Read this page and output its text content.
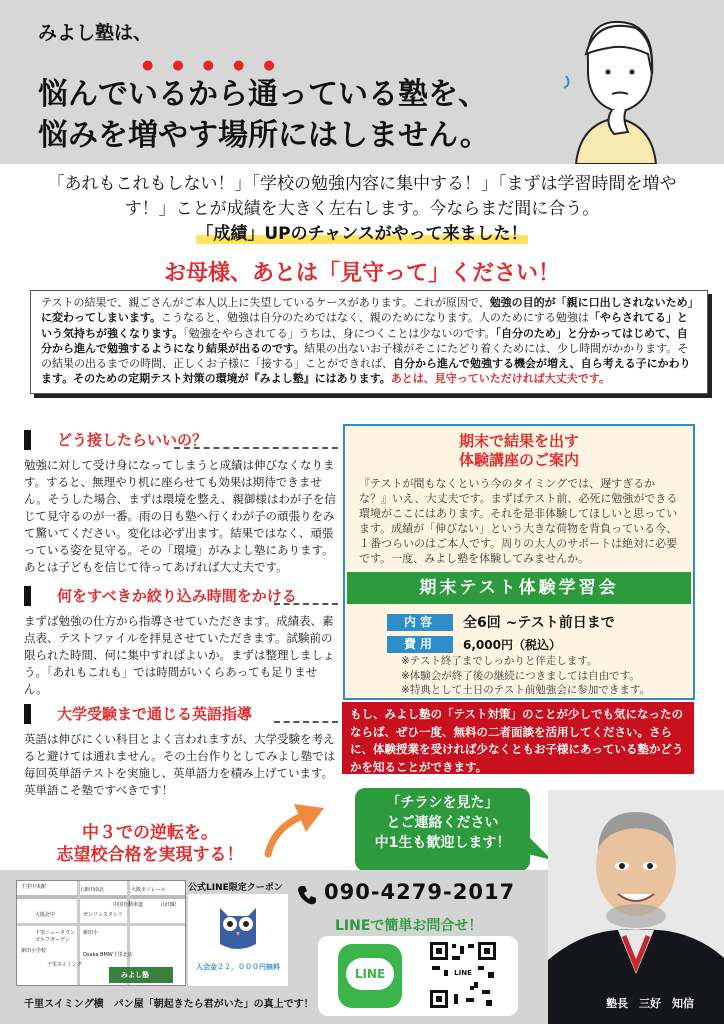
みよし塾は、
●●●●●
悩んでいるから通っている塾を、
悩みを増やす場所にはしません。
「あれもこれもしない！」「学校の勉強内容に集中する！」「まずは学習時間を増やす！」ことが成績を大きく左右します。今ならまだ間に合う。
「成績」UPのチャンスがやって来ました！
お母様、あとは「見守って」ください！
テストの結果で、親ごさんがご本人以上に失望しているケースがあります。これが原因で、勉強の目的が「親に口出しされないため」に変わってしまいます。こうなると、勉強は自分のためではなく、親のためになります。人のためにする勉強は「やらされてる」という気持ちが強くなります。「勉強をやらされてる」うちは、身につくことは少ないのです。「自分のため」と分かってはじめて、自分から進んで勉強するようになり結果が出るのです。結果の出ないお子様がそこにたどり着くためには、少し時間がかかります。その結果の出るまでの時間、正しくお子様に「接する」ことができれば、自分から進んで勉強する機会が増え、自ら考える子にかわります。そのための定期テスト対策の環境が『みよし塾』にはあります。あとは、見守っていただければ大丈夫です。
どう接したらいいの？
勉強に対して受け身になってしまうと成績は伸びなくなります。すると、無理やり机に座らせても効果は期待できません。そうした場合、まずは環境を整え、親御様はわが子を信じて見守るのが一番。雨の日も塾へ行くわが子の頑張りをみて驚いてください。変化は必ず出ます。結果ではなく、頑張っている姿を見守る。その「環境」がみよし塾にあります。あとは子どもを信じて待ってあげれば大丈夫です。
何をすべきか絞り込み時間をかける
まずば勉強の仕方から指導させていただきます。成績表、素点表、テストファイルを拝見させていただきます。試験前の限られた時間、何に集中すればよいか。まずは整理しましょう。「あれもこれも」では時間がいくらあっても足りません。
大学受験まで通じる英語指導
英語は伸びにくい科目とよく言われますが、大学受験を考えると避けては通れません。その土台作りとしてみよし塾では毎回英単語テストを実施し、英単語力を積み上げています。英単語こそ塾ですべきです！
期末で結果を出す
体験講座のご案内
『テストが間もなくという今のタイミングでは、遅すぎるかな？』いえ、大丈夫です。まずばテスト前、必死に勉強ができる環境がここにはあります。それを是非体験してほしいと思っています。成績が「伸びない」という大きな荷物を背負っている今、１番つらいのはご本人です。周りの大人のサポートは絶対に必要です。一度、みよし塾を体験してみませんか。
期末テスト体験学習会
内容	全6回 ~テスト前日まで
費用	6,000円（税込）
※テスト終了までしっかりと伴走します。
※体験会が終了後の継続につきましては自由です。
※特典として土日のテスト前勉強会に参加できます。
もし、みよし塾の「テスト対策」のことが少しでも気になったのならば、ぜひ一度、無料の二者面談を活用してください。さらに、体験授業を受ければ少なくともお子様にあっている塾かどうかを知ることができます。
「チラシを見た」
とご連絡ください
中1生も歓迎します！
中３での逆転を。
志望校合格を実現する！
千里中央駅	上新田南北	大阪モノレール
山田駅
中国自動車道
大阪北中	ゼンリンスタンド
千里ニュータウン
ゴルフガーデン
新田小
新田小学校
Osaka BMW千里北店
千里スイミング
みよし塾
公式LINE限定クーポン
入会金２２，０００円無料
090-4279-2017
LINEで簡単お問合せ！
LINE	LINE
塾長　三好　知信
千里スイミング横　パン屋「朝起きたら君がいた」の真上です！
